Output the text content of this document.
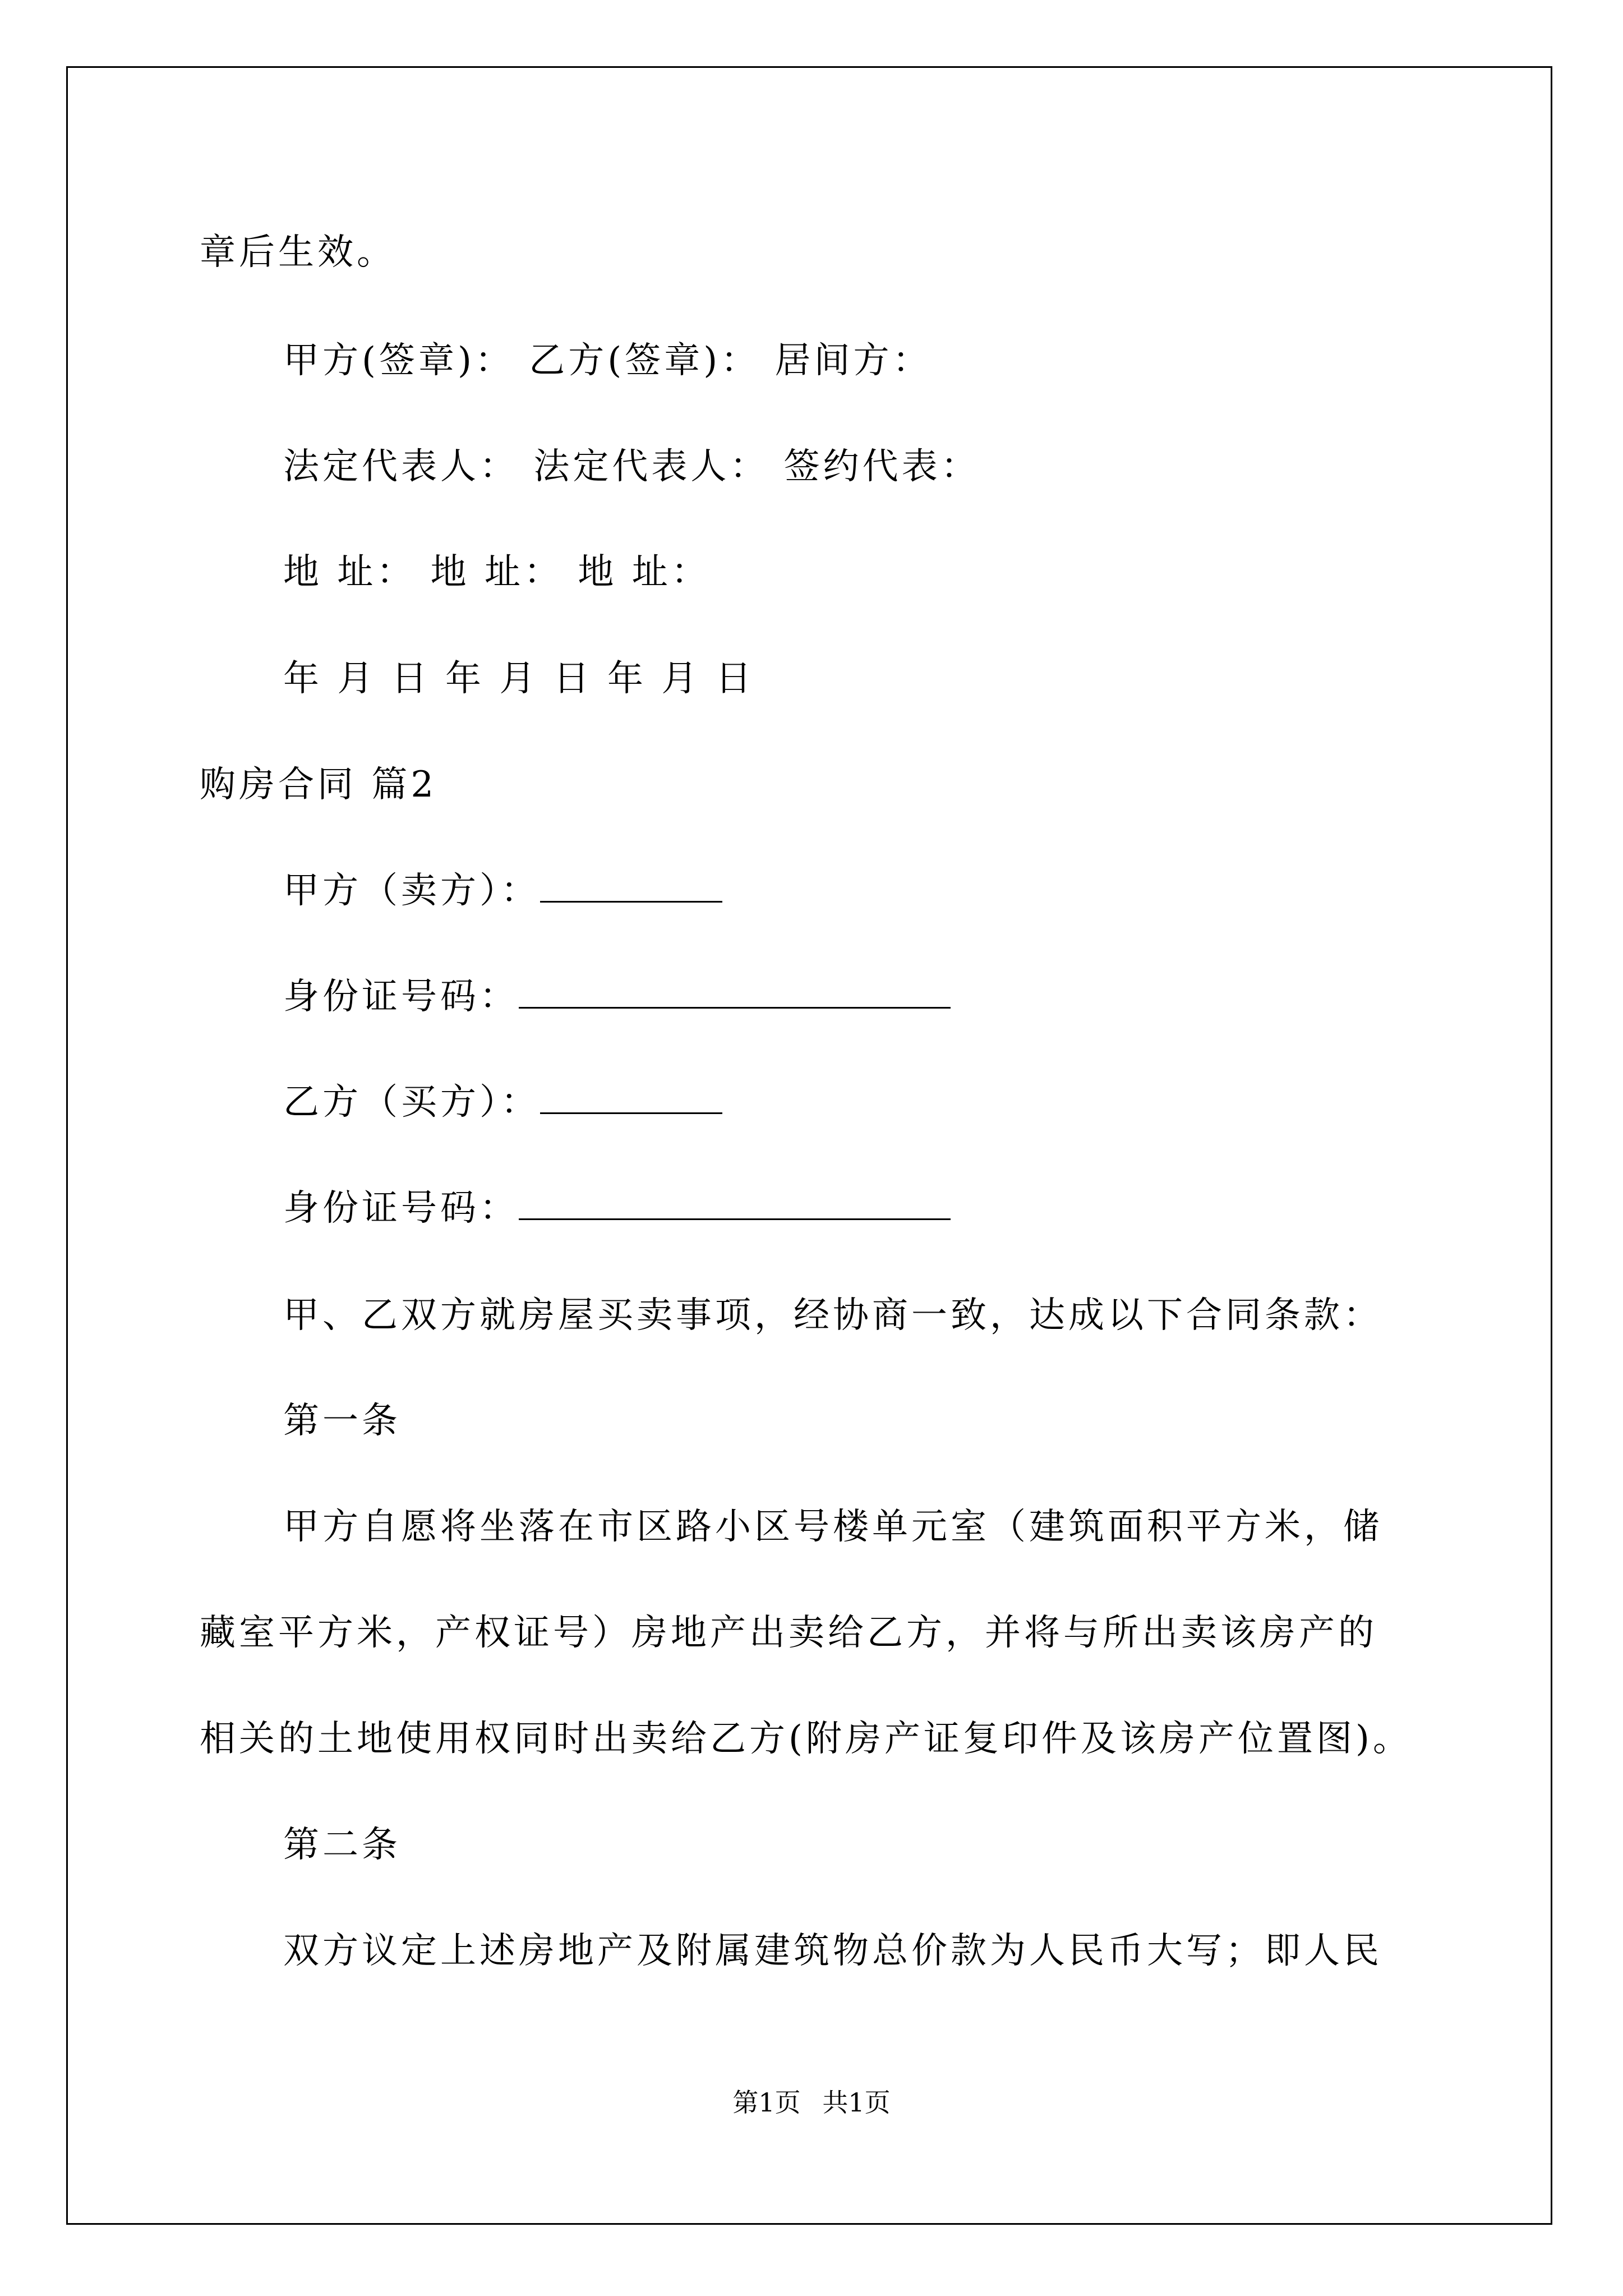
章后生效。
甲方(签章)： 乙方(签章)： 居间方：
法定代表人： 法定代表人： 签约代表：
地 址： 地 址： 地 址：
年 月 日 年 月 日 年 月 日
购房合同 篇2
甲方（卖方）：
身份证号码：
乙方（买方）：
身份证号码：
甲、乙双方就房屋买卖事项，经协商一致，达成以下合同条款：
第一条
甲方自愿将坐落在市区路小区号楼单元室（建筑面积平方米，储
藏室平方米，产权证号）房地产出卖给乙方，并将与所出卖该房产的
相关的土地使用权同时出卖给乙方(附房产证复印件及该房产位置图)。
第二条
双方议定上述房地产及附属建筑物总价款为人民币大写；即人民
第1页 共1页
